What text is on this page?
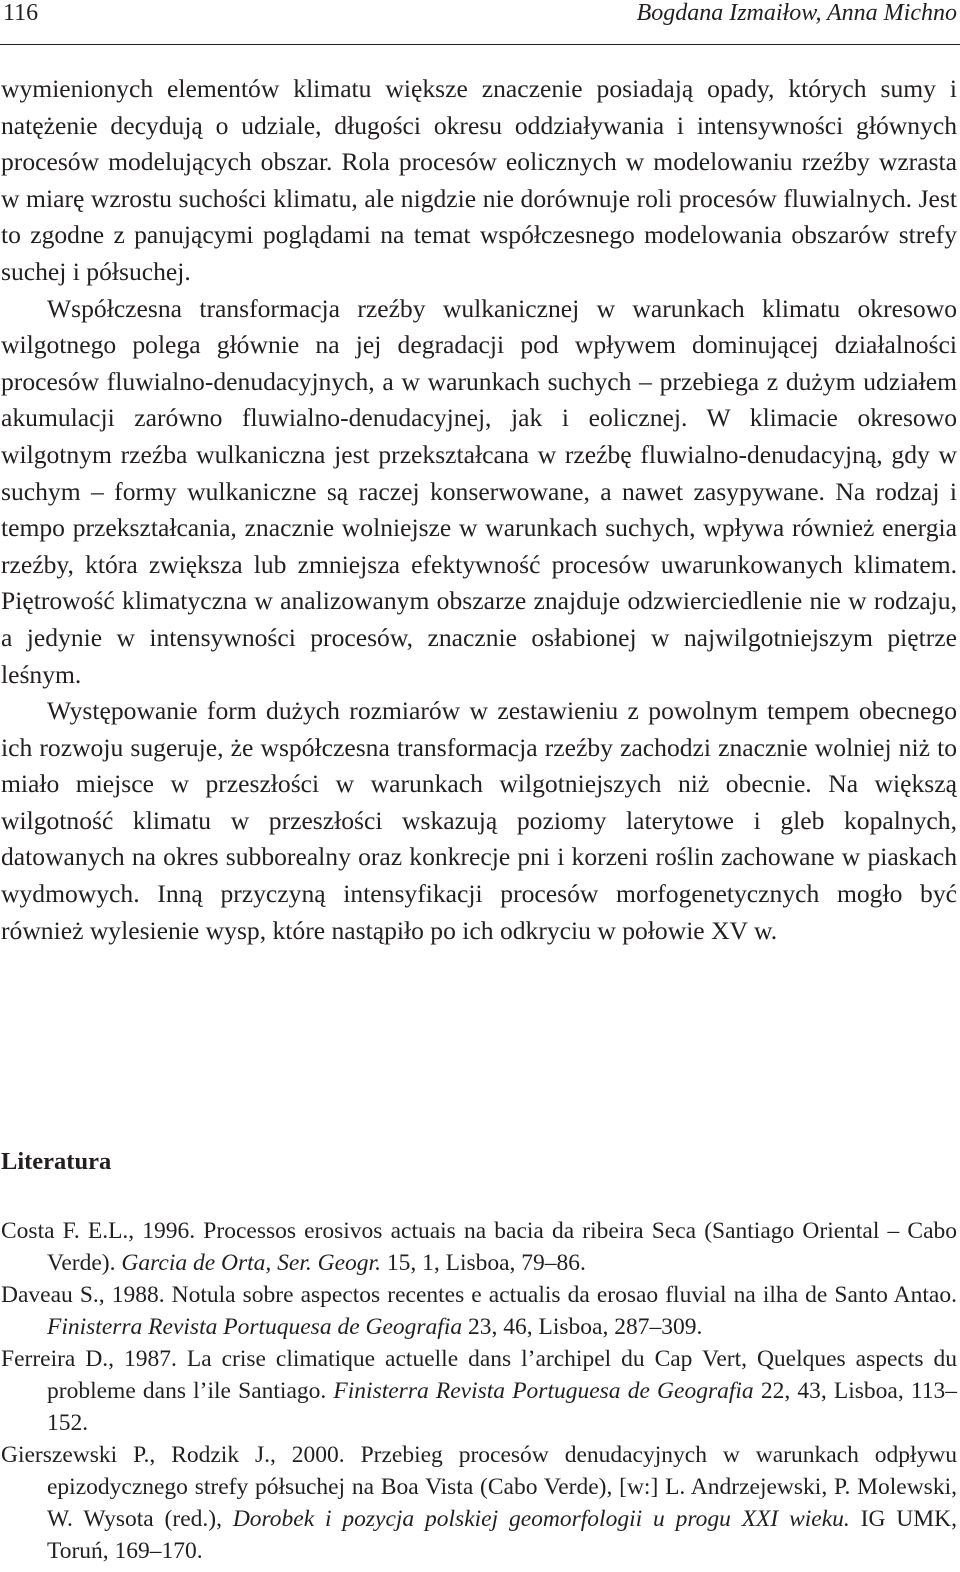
116	Bogdana Izmaiłow, Anna Michno

wymienionych elementów klimatu większe znaczenie posiadają opady, których sumy i natężenie decydują o udziale, długości okresu oddziaływania i intensywności głównych procesów modelujących obszar. Rola procesów eolicznych w modelowaniu rzeźby wzrasta w miarę wzrostu suchości klimatu, ale nigdzie nie dorównuje roli procesów fluwialnych. Jest to zgodne z panującymi poglądami na temat współczesnego modelowania obszarów strefy suchej i półsuchej.

Współczesna transformacja rzeźby wulkanicznej w warunkach klimatu okresowo wilgotnego polega głównie na jej degradacji pod wpływem dominującej działalności procesów fluwialno-denudacyjnych, a w warunkach suchych – przebiega z dużym udziałem akumulacji zarówno fluwialno-denudacyjnej, jak i eolicznej. W klimacie okresowo wilgotnym rzeźba wulkaniczna jest przekształcana w rzeźbę fluwialno-denudacyjną, gdy w suchym – formy wulkaniczne są raczej konserwowane, a nawet zasypywane. Na rodzaj i tempo przekształcania, znacznie wolniejsze w warunkach suchych, wpływa również energia rzeźby, która zwiększa lub zmniejsza efektywność procesów uwarunkowanych klimatem. Piętrowość klimatyczna w analizowanym obszarze znajduje odzwierciedlenie nie w rodzaju, a jedynie w intensywności procesów, znacznie osłabionej w najwilgotniejszym piętrze leśnym.

Występowanie form dużych rozmiarów w zestawieniu z powolnym tempem obecnego ich rozwoju sugeruje, że współczesna transformacja rzeźby zachodzi znacznie wolniej niż to miało miejsce w przeszłości w warunkach wilgotniejszych niż obecnie. Na większą wilgotność klimatu w przeszłości wskazują poziomy laterytowe i gleb kopalnych, datowanych na okres subborealny oraz konkrecje pni i korzeni roślin zachowane w piaskach wydmowych. Inną przyczyną intensyfikacji procesów morfogenetycznych mogło być również wylesienie wysp, które nastąpiło po ich odkryciu w połowie XV w.

Literatura

Costa F. E.L., 1996. Processos erosivos actuais na bacia da ribeira Seca (Santiago Oriental – Cabo Verde). Garcia de Orta, Ser. Geogr. 15, 1, Lisboa, 79–86.

Daveau S., 1988. Notula sobre aspectos recentes e actualis da erosao fluvial na ilha de Santo Antao. Finisterra Revista Portuquesa de Geografia 23, 46, Lisboa, 287–309.

Ferreira D., 1987. La crise climatique actuelle dans l’archipel du Cap Vert, Quelques aspects du probleme dans l’ile Santiago. Finisterra Revista Portuguesa de Geografia 22, 43, Lisboa, 113–152.

Gierszewski P., Rodzik J., 2000. Przebieg procesów denudacyjnych w warunkach odpływu epizodycznego strefy półsuchej na Boa Vista (Cabo Verde), [w:] L. Andrzejewski, P. Molewski, W. Wysota (red.), Dorobek i pozycja polskiej geomorfologii u progu XXI wieku. IG UMK, Toruń, 169–170.
